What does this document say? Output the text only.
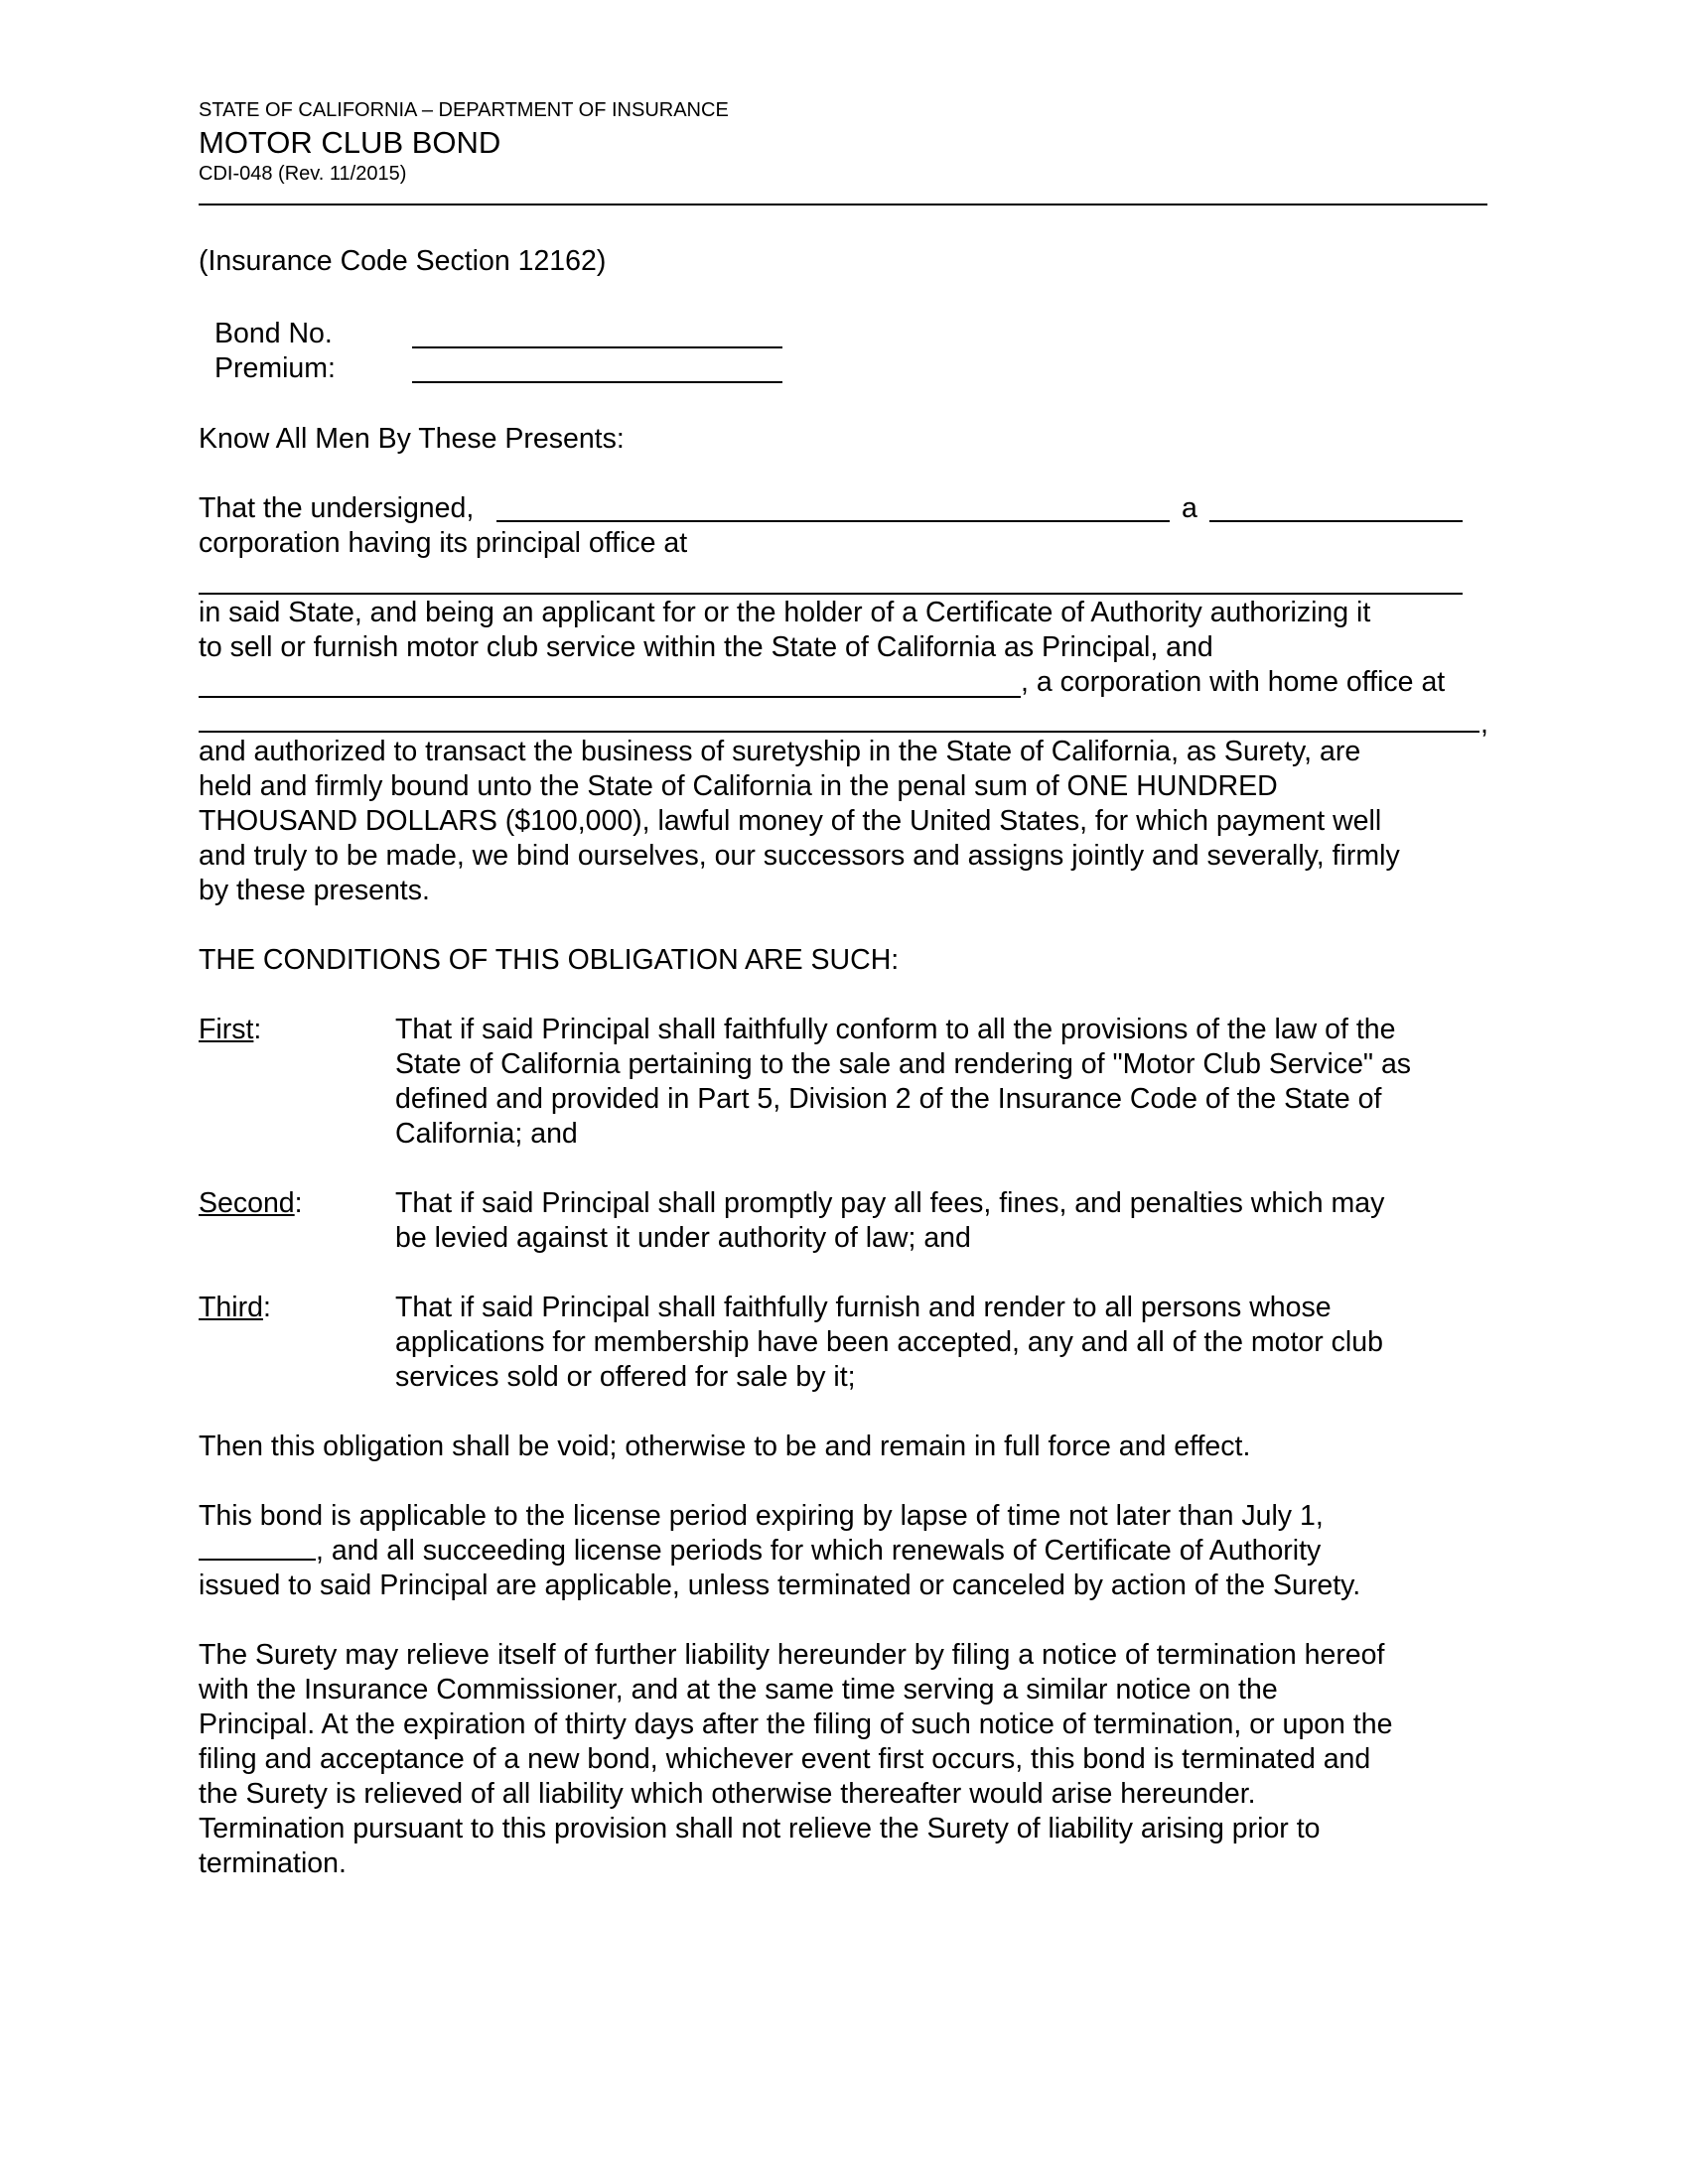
STATE OF CALIFORNIA – DEPARTMENT OF INSURANCE
MOTOR CLUB BOND
CDI-048 (Rev. 11/2015)
(Insurance Code Section 12162)
Bond No.
Premium:
Know All Men By These Presents:
That the undersigned,	a
corporation having its principal office at
in said State, and being an applicant for or the holder of a Certificate of Authority authorizing it
to sell or furnish motor club service within the State of California as Principal, and
, a corporation with home office at
,
and authorized to transact the business of suretyship in the State of California, as Surety, are
held and firmly bound unto the State of California in the penal sum of ONE HUNDRED
THOUSAND DOLLARS ($100,000), lawful money of the United States, for which payment well
and truly to be made, we bind ourselves, our successors and assigns jointly and severally, firmly
by these presents.
THE CONDITIONS OF THIS OBLIGATION ARE SUCH:
First:	That if said Principal shall faithfully conform to all the provisions of the law of the
State of California pertaining to the sale and rendering of "Motor Club Service" as
defined and provided in Part 5, Division 2 of the Insurance Code of the State of
California; and
Second:	That if said Principal shall promptly pay all fees, fines, and penalties which may
be levied against it under authority of law; and
Third:	That if said Principal shall faithfully furnish and render to all persons whose
applications for membership have been accepted, any and all of the motor club
services sold or offered for sale by it;
Then this obligation shall be void; otherwise to be and remain in full force and effect.
This bond is applicable to the license period expiring by lapse of time not later than July 1,
, and all succeeding license periods for which renewals of Certificate of Authority
issued to said Principal are applicable, unless terminated or canceled by action of the Surety.
The Surety may relieve itself of further liability hereunder by filing a notice of termination hereof
with the Insurance Commissioner, and at the same time serving a similar notice on the
Principal. At the expiration of thirty days after the filing of such notice of termination, or upon the
filing and acceptance of a new bond, whichever event first occurs, this bond is terminated and
the Surety is relieved of all liability which otherwise thereafter would arise hereunder.
Termination pursuant to this provision shall not relieve the Surety of liability arising prior to
termination.
